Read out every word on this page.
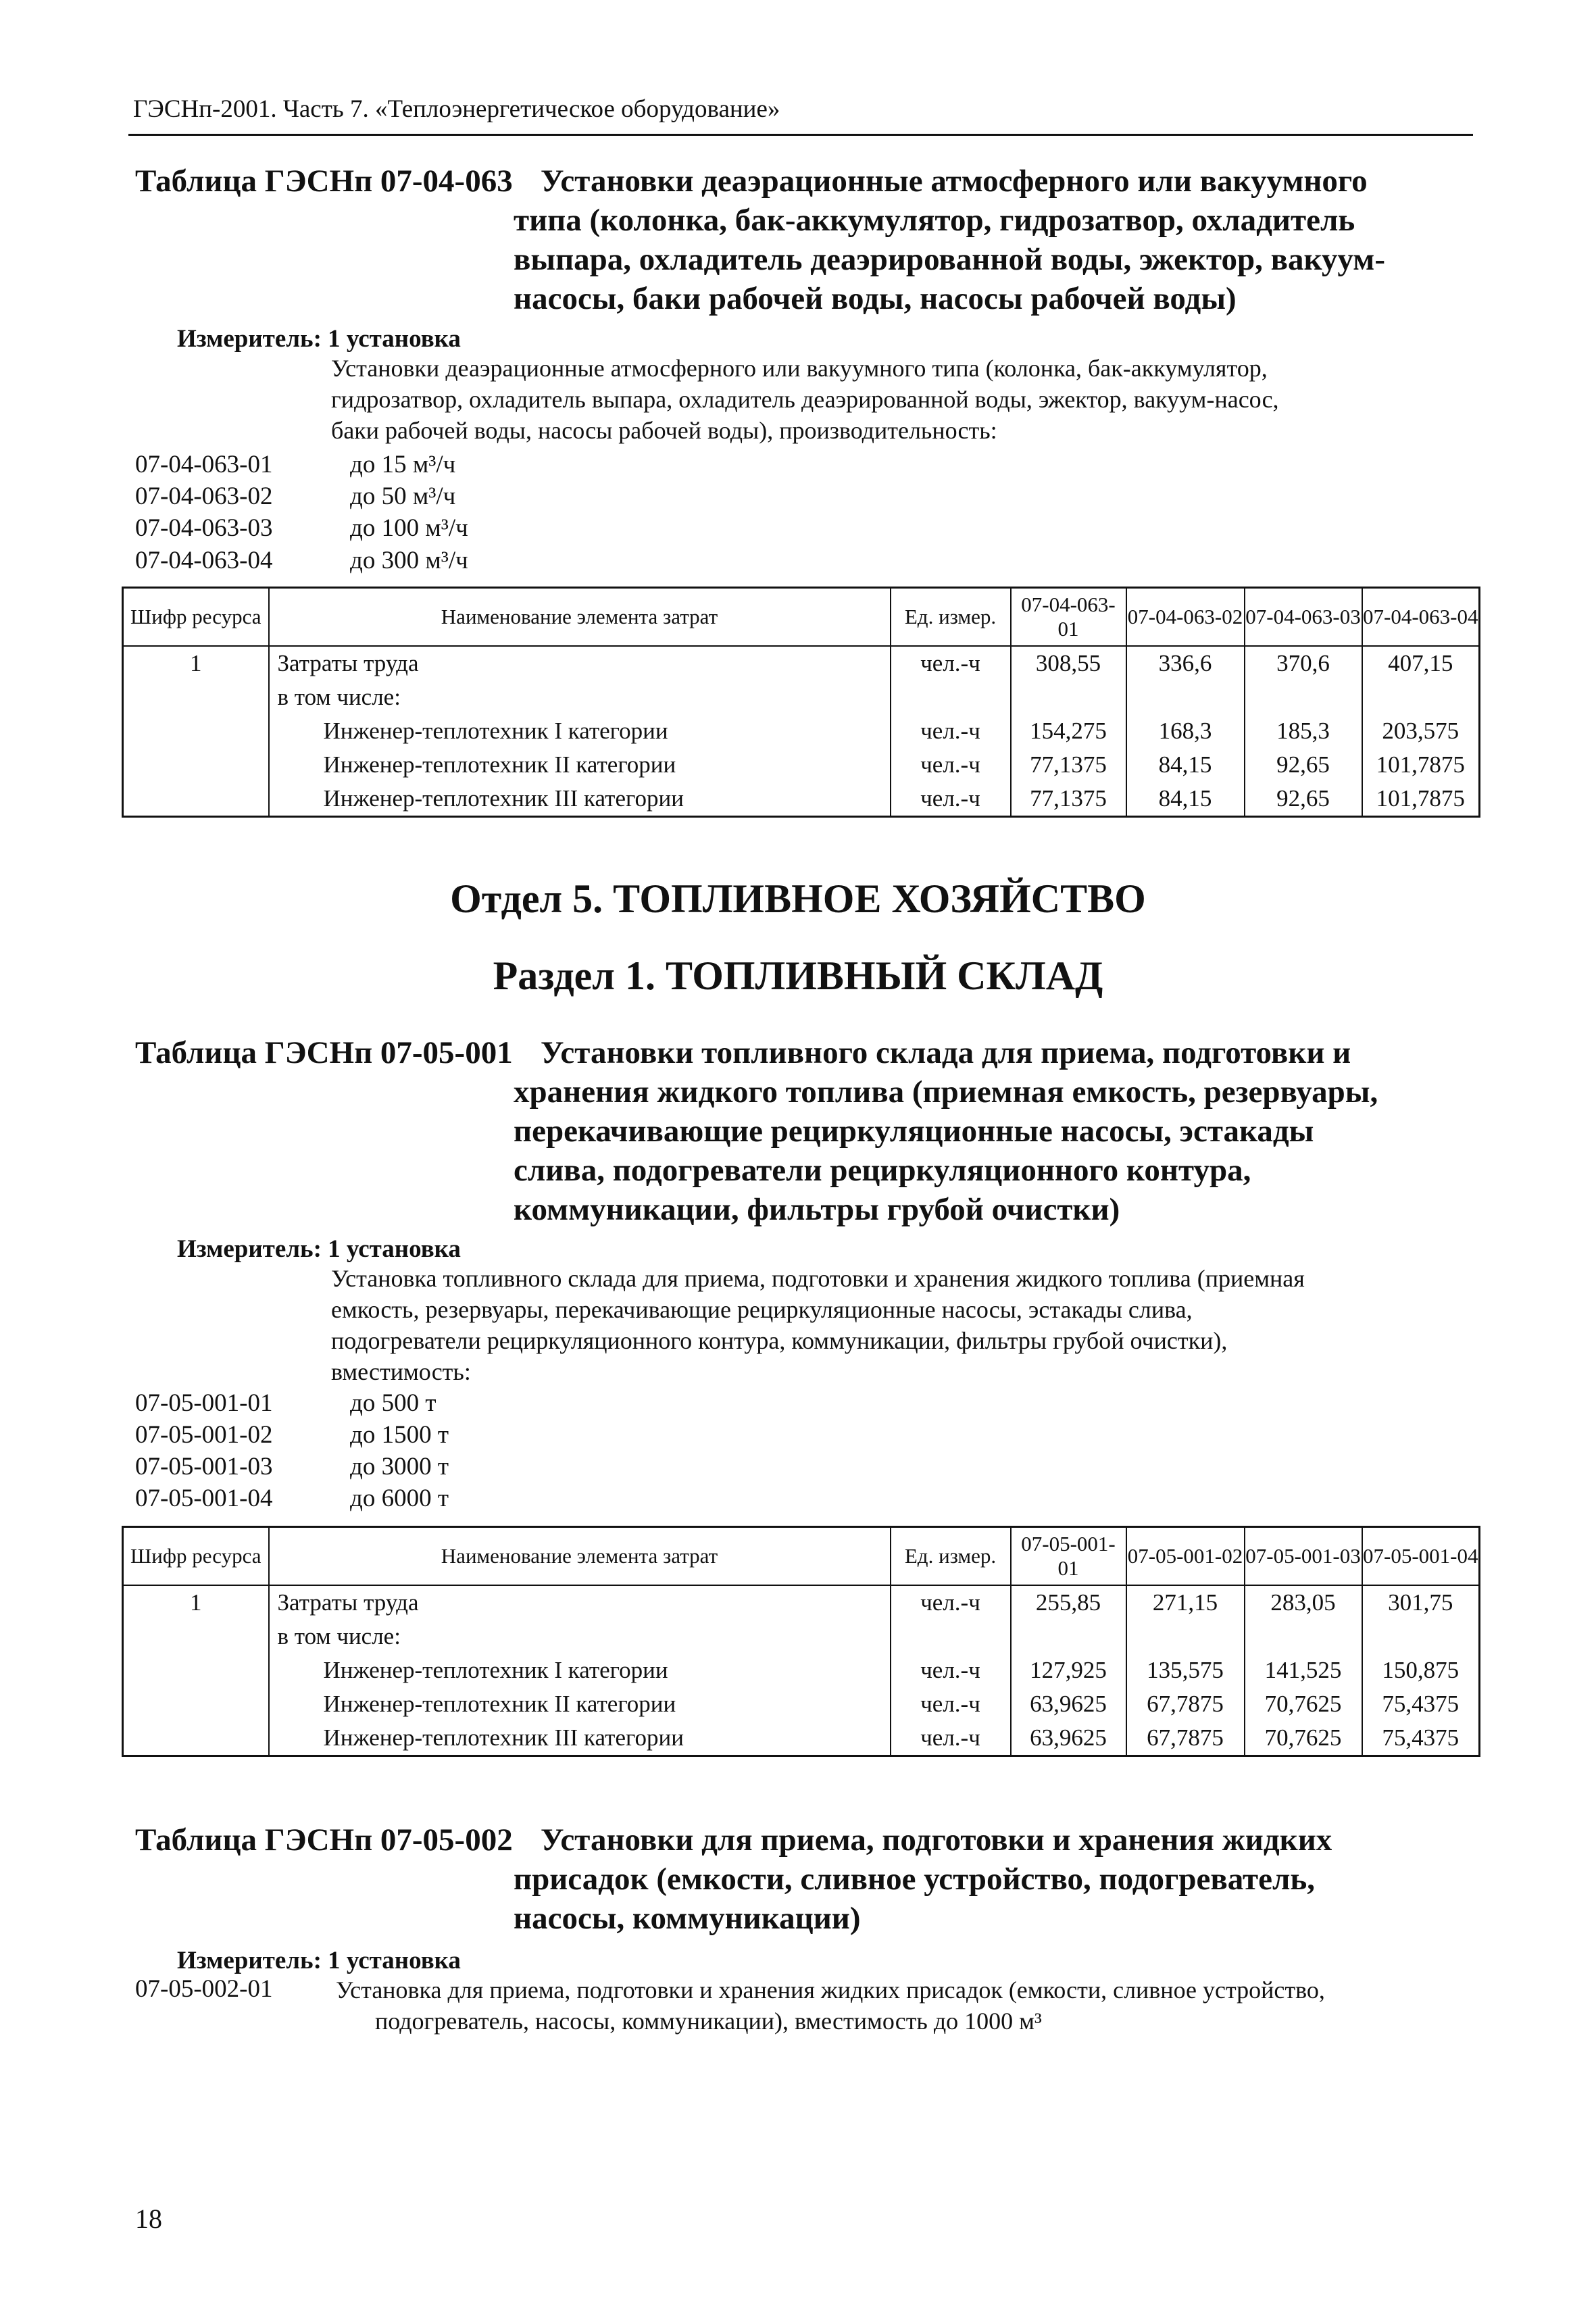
ГЭСНп-2001. Часть 7. «Теплоэнергетическое оборудование»
Таблица ГЭСНп 07-04-063 Установки деаэрационные атмосферного или вакуумного
типа (колонка, бак-аккумулятор, гидрозатвор, охладитель
выпара, охладитель деаэрированной воды, эжектор, вакуум-
насосы, баки рабочей воды, насосы рабочей воды)
Измеритель: 1 установка
Установки деаэрационные атмосферного или вакуумного типа (колонка, бак-аккумулятор,
гидрозатвор, охладитель выпара, охладитель деаэрированной воды, эжектор, вакуум-насос,
баки рабочей воды, насосы рабочей воды), производительность:
07-04-063-01	до 15 м³/ч
07-04-063-02	до 50 м³/ч
07-04-063-03	до 100 м³/ч
07-04-063-04	до 300 м³/ч
Шифр ресурса	Наименование элемента затрат	Ед. измер.	07-04-063-01	07-04-063-02	07-04-063-03	07-04-063-04
1	Затраты труда	чел.-ч	308,55	336,6	370,6	407,15
	в том числе:					
	Инженер-теплотехник I категории	чел.-ч	154,275	168,3	185,3	203,575
	Инженер-теплотехник II категории	чел.-ч	77,1375	84,15	92,65	101,7875
	Инженер-теплотехник III категории	чел.-ч	77,1375	84,15	92,65	101,7875
Отдел 5. ТОПЛИВНОЕ ХОЗЯЙСТВО
Раздел 1. ТОПЛИВНЫЙ СКЛАД
Таблица ГЭСНп 07-05-001 Установки топливного склада для приема, подготовки и
хранения жидкого топлива (приемная емкость, резервуары,
перекачивающие рециркуляционные насосы, эстакады
слива, подогреватели рециркуляционного контура,
коммуникации, фильтры грубой очистки)
Измеритель: 1 установка
Установка топливного склада для приема, подготовки и хранения жидкого топлива (приемная
емкость, резервуары, перекачивающие рециркуляционные насосы, эстакады слива,
подогреватели рециркуляционного контура, коммуникации, фильтры грубой очистки),
вместимость:
07-05-001-01	до 500 т
07-05-001-02	до 1500 т
07-05-001-03	до 3000 т
07-05-001-04	до 6000 т
Шифр ресурса	Наименование элемента затрат	Ед. измер.	07-05-001-01	07-05-001-02	07-05-001-03	07-05-001-04
1	Затраты труда	чел.-ч	255,85	271,15	283,05	301,75
	в том числе:					
	Инженер-теплотехник I категории	чел.-ч	127,925	135,575	141,525	150,875
	Инженер-теплотехник II категории	чел.-ч	63,9625	67,7875	70,7625	75,4375
	Инженер-теплотехник III категории	чел.-ч	63,9625	67,7875	70,7625	75,4375
Таблица ГЭСНп 07-05-002 Установки для приема, подготовки и хранения жидких
присадок (емкости, сливное устройство, подогреватель,
насосы, коммуникации)
Измеритель: 1 установка
07-05-002-01	Установка для приема, подготовки и хранения жидких присадок (емкости, сливное устройство,
подогреватель, насосы, коммуникации), вместимость до 1000 м³
18
